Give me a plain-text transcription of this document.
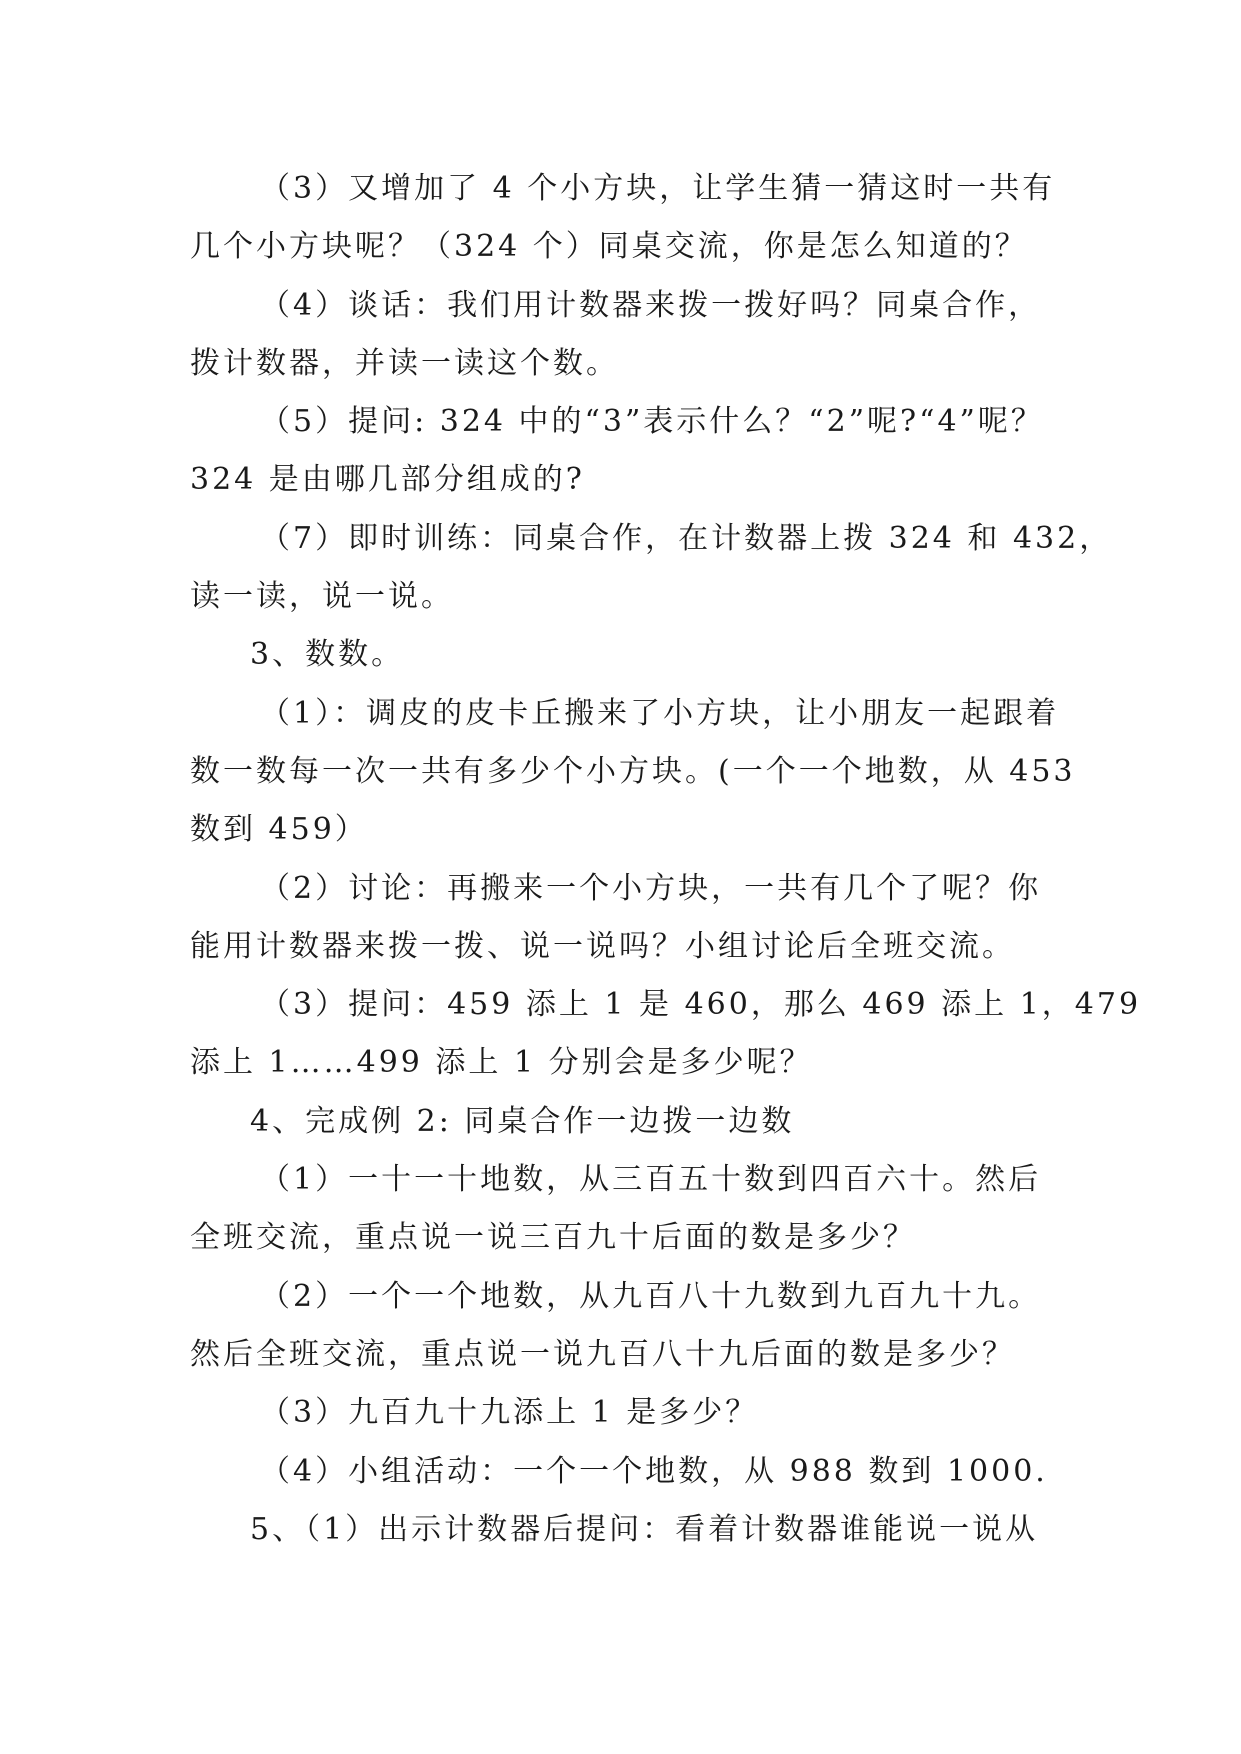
（3）又增加了 4 个小方块，让学生猜一猜这时一共有
几个小方块呢？（324 个）同桌交流，你是怎么知道的？
（4）谈话：我们用计数器来拨一拨好吗？同桌合作，
拨计数器，并读一读这个数。
（5）提问: 324 中的“3”表示什么？“2”呢?“4”呢？
324 是由哪几部分组成的?
（7）即时训练：同桌合作，在计数器上拨 324 和 432，
读一读，说一说。
3、数数。
（1）：调皮的皮卡丘搬来了小方块，让小朋友一起跟着
数一数每一次一共有多少个小方块。(一个一个地数，从 453
数到 459）
（2）讨论：再搬来一个小方块，一共有几个了呢？你
能用计数器来拨一拨、说一说吗？小组讨论后全班交流。
（3）提问：459 添上 1 是 460，那么 469 添上 1，479
添上 1……499 添上 1 分别会是多少呢？
4、完成例 2: 同桌合作一边拨一边数
（1）一十一十地数，从三百五十数到四百六十。然后
全班交流，重点说一说三百九十后面的数是多少？
（2）一个一个地数，从九百八十九数到九百九十九。
然后全班交流，重点说一说九百八十九后面的数是多少？
（3）九百九十九添上 1 是多少？
（4）小组活动：一个一个地数，从 988 数到 1000.
5、（1）出示计数器后提问：看着计数器谁能说一说从
